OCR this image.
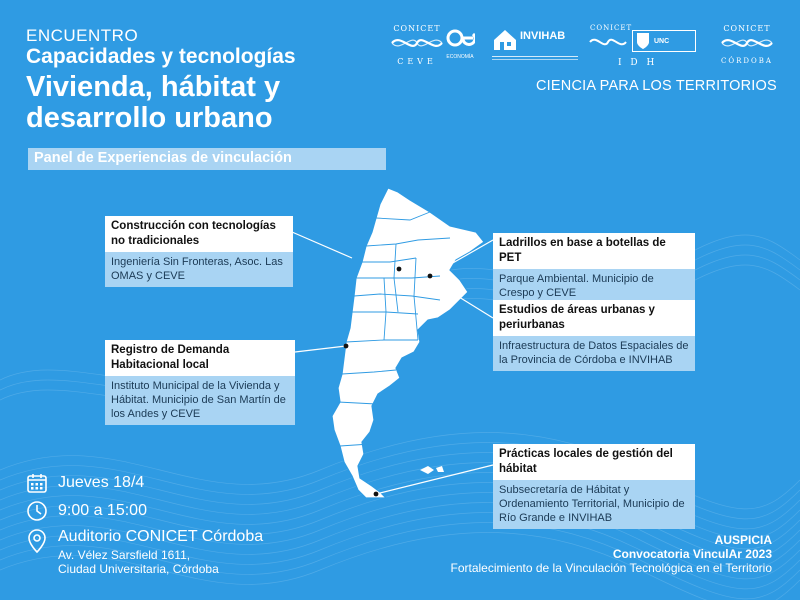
ENCUENTRO
Capacidades y tecnologías
Vivienda, hábitat y desarrollo urbano
Panel de Experiencias de vinculación
CONICET
CEVE	ECONOMÍA
INVIHAB
CONICET
I D H
UNC
CONICET
CÓRDOBA
CIENCIA PARA LOS TERRITORIOS
Construcción con tecnologías no tradicionales
Ingeniería Sin Fronteras, Asoc. Las OMAS y CEVE
Registro de Demanda Habitacional local
Instituto Municipal de la Vivienda y Hábitat. Municipio de San Martín de los Andes y CEVE
Ladrillos en base a botellas de PET
Parque Ambiental. Municipio de Crespo y CEVE
Estudios de áreas urbanas y periurbanas
Infraestructura de Datos Espaciales de la Provincia de Córdoba e INVIHAB
Prácticas locales de gestión del hábitat
Subsecretaría de Hábitat y Ordenamiento Territorial, Municipio de Río Grande e INVIHAB
Jueves 18/4
9:00 a 15:00
Auditorio CONICET Córdoba
Av. Vélez Sarsfield 1611,
Ciudad Universitaria, Córdoba
AUSPICIA
Convocatoria VinculAr 2023
Fortalecimiento de la Vinculación Tecnológica en el Territorio
